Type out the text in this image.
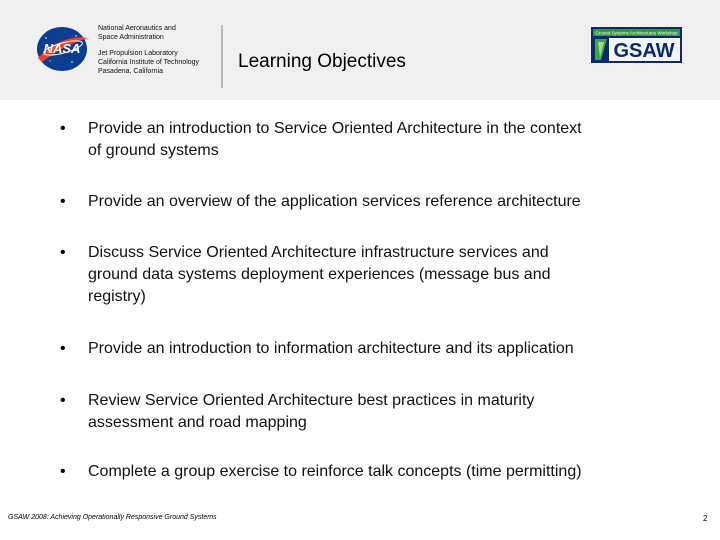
NASA
National Aeronautics and
Space Administration
Jet Propulsion Laboratory
California Institute of Technology
Pasadena, California	Learning Objectives
Ground Systems Architectures Workshop
GSAW
• Provide an introduction to Service Oriented Architecture in the context
of ground systems
• Provide an overview of the application services reference architecture
• Discuss Service Oriented Architecture infrastructure services and
ground data systems deployment experiences (message bus and
registry)
• Provide an introduction to information architecture and its application
• Review Service Oriented Architecture best practices in maturity
assessment and road mapping
• Complete a group exercise to reinforce talk concepts (time permitting)
GSAW 2008: Achieving Operationally Responsive Ground Systems	2
